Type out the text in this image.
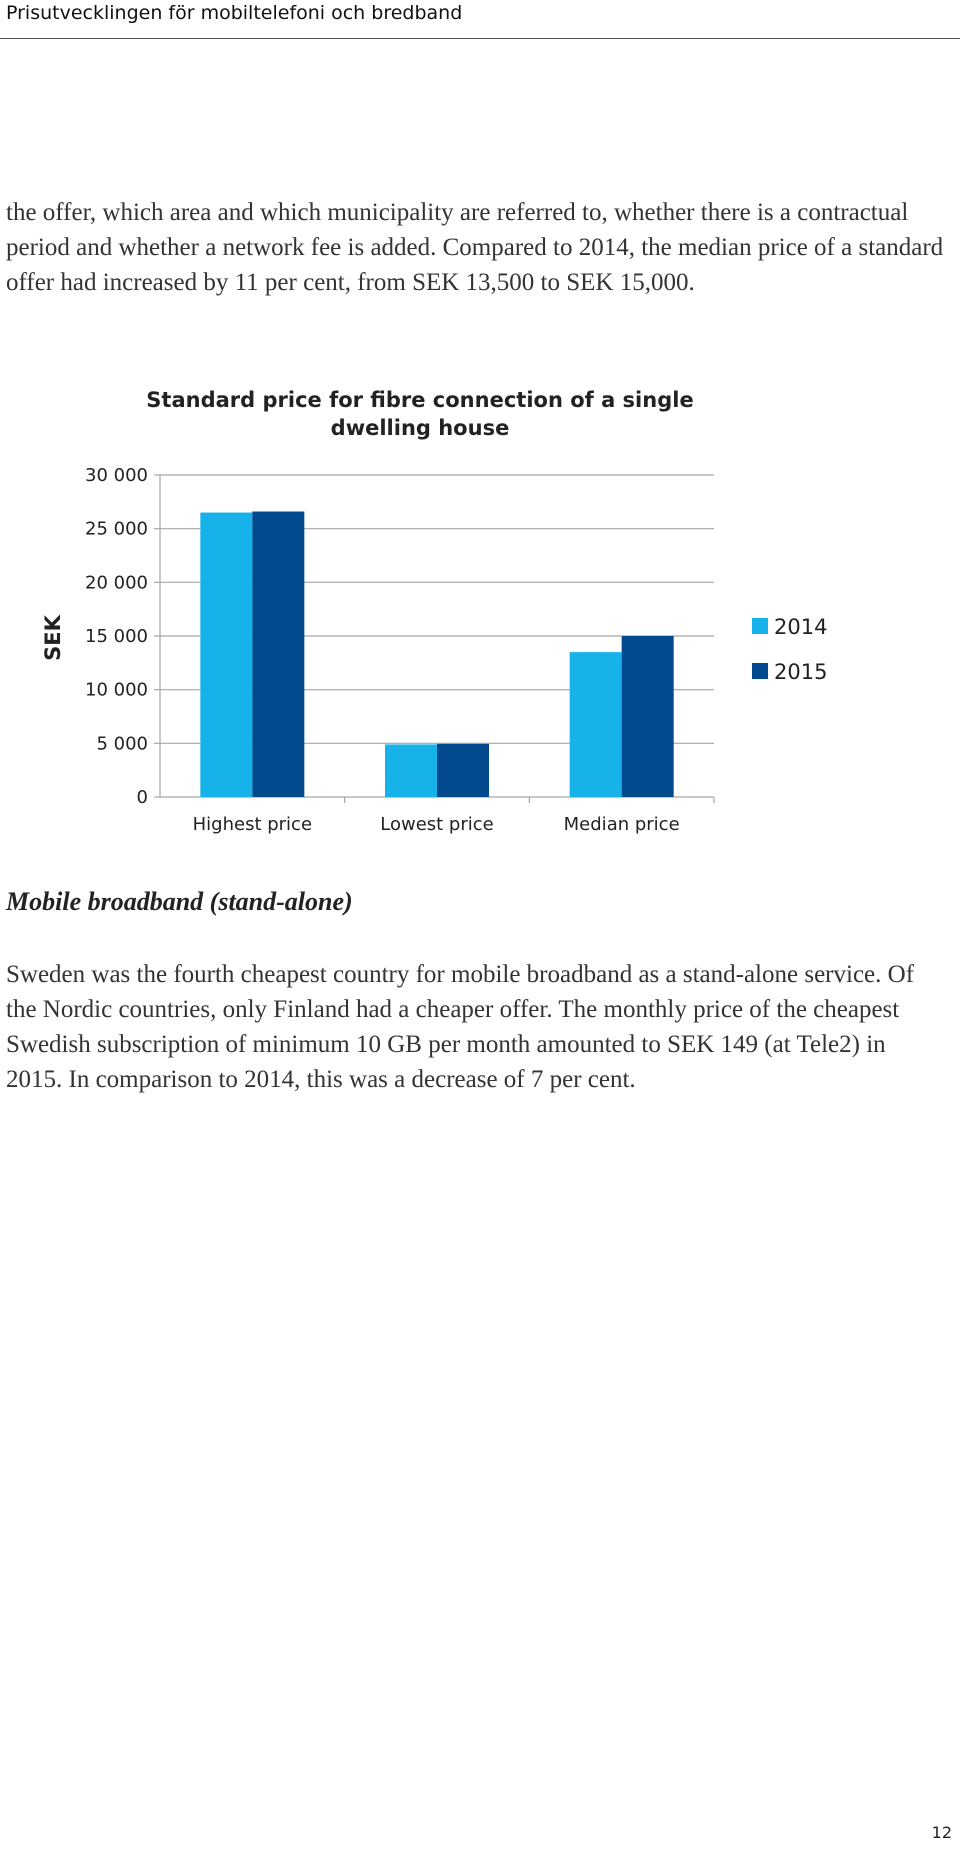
Prisutvecklingen för mobiltelefoni och bredband

the offer, which area and which municipality are referred to, whether there is a contractual period and whether a network fee is added. Compared to 2014, the median price of a standard offer had increased by 11 per cent, from SEK 13,500 to SEK 15,000.

Standard price for fibre connection of a single dwelling house
0
5 000
10 000
15 000
20 000
25 000
30 000
SEK
Highest price	Lowest price	Median price
2014
2015
Mobile broadband (stand-alone)

Sweden was the fourth cheapest country for mobile broadband as a stand-alone service. Of the Nordic countries, only Finland had a cheaper offer. The monthly price of the cheapest Swedish subscription of minimum 10 GB per month amounted to SEK 149 (at Tele2) in 2015. In comparison to 2014, this was a decrease of 7 per cent.

12
